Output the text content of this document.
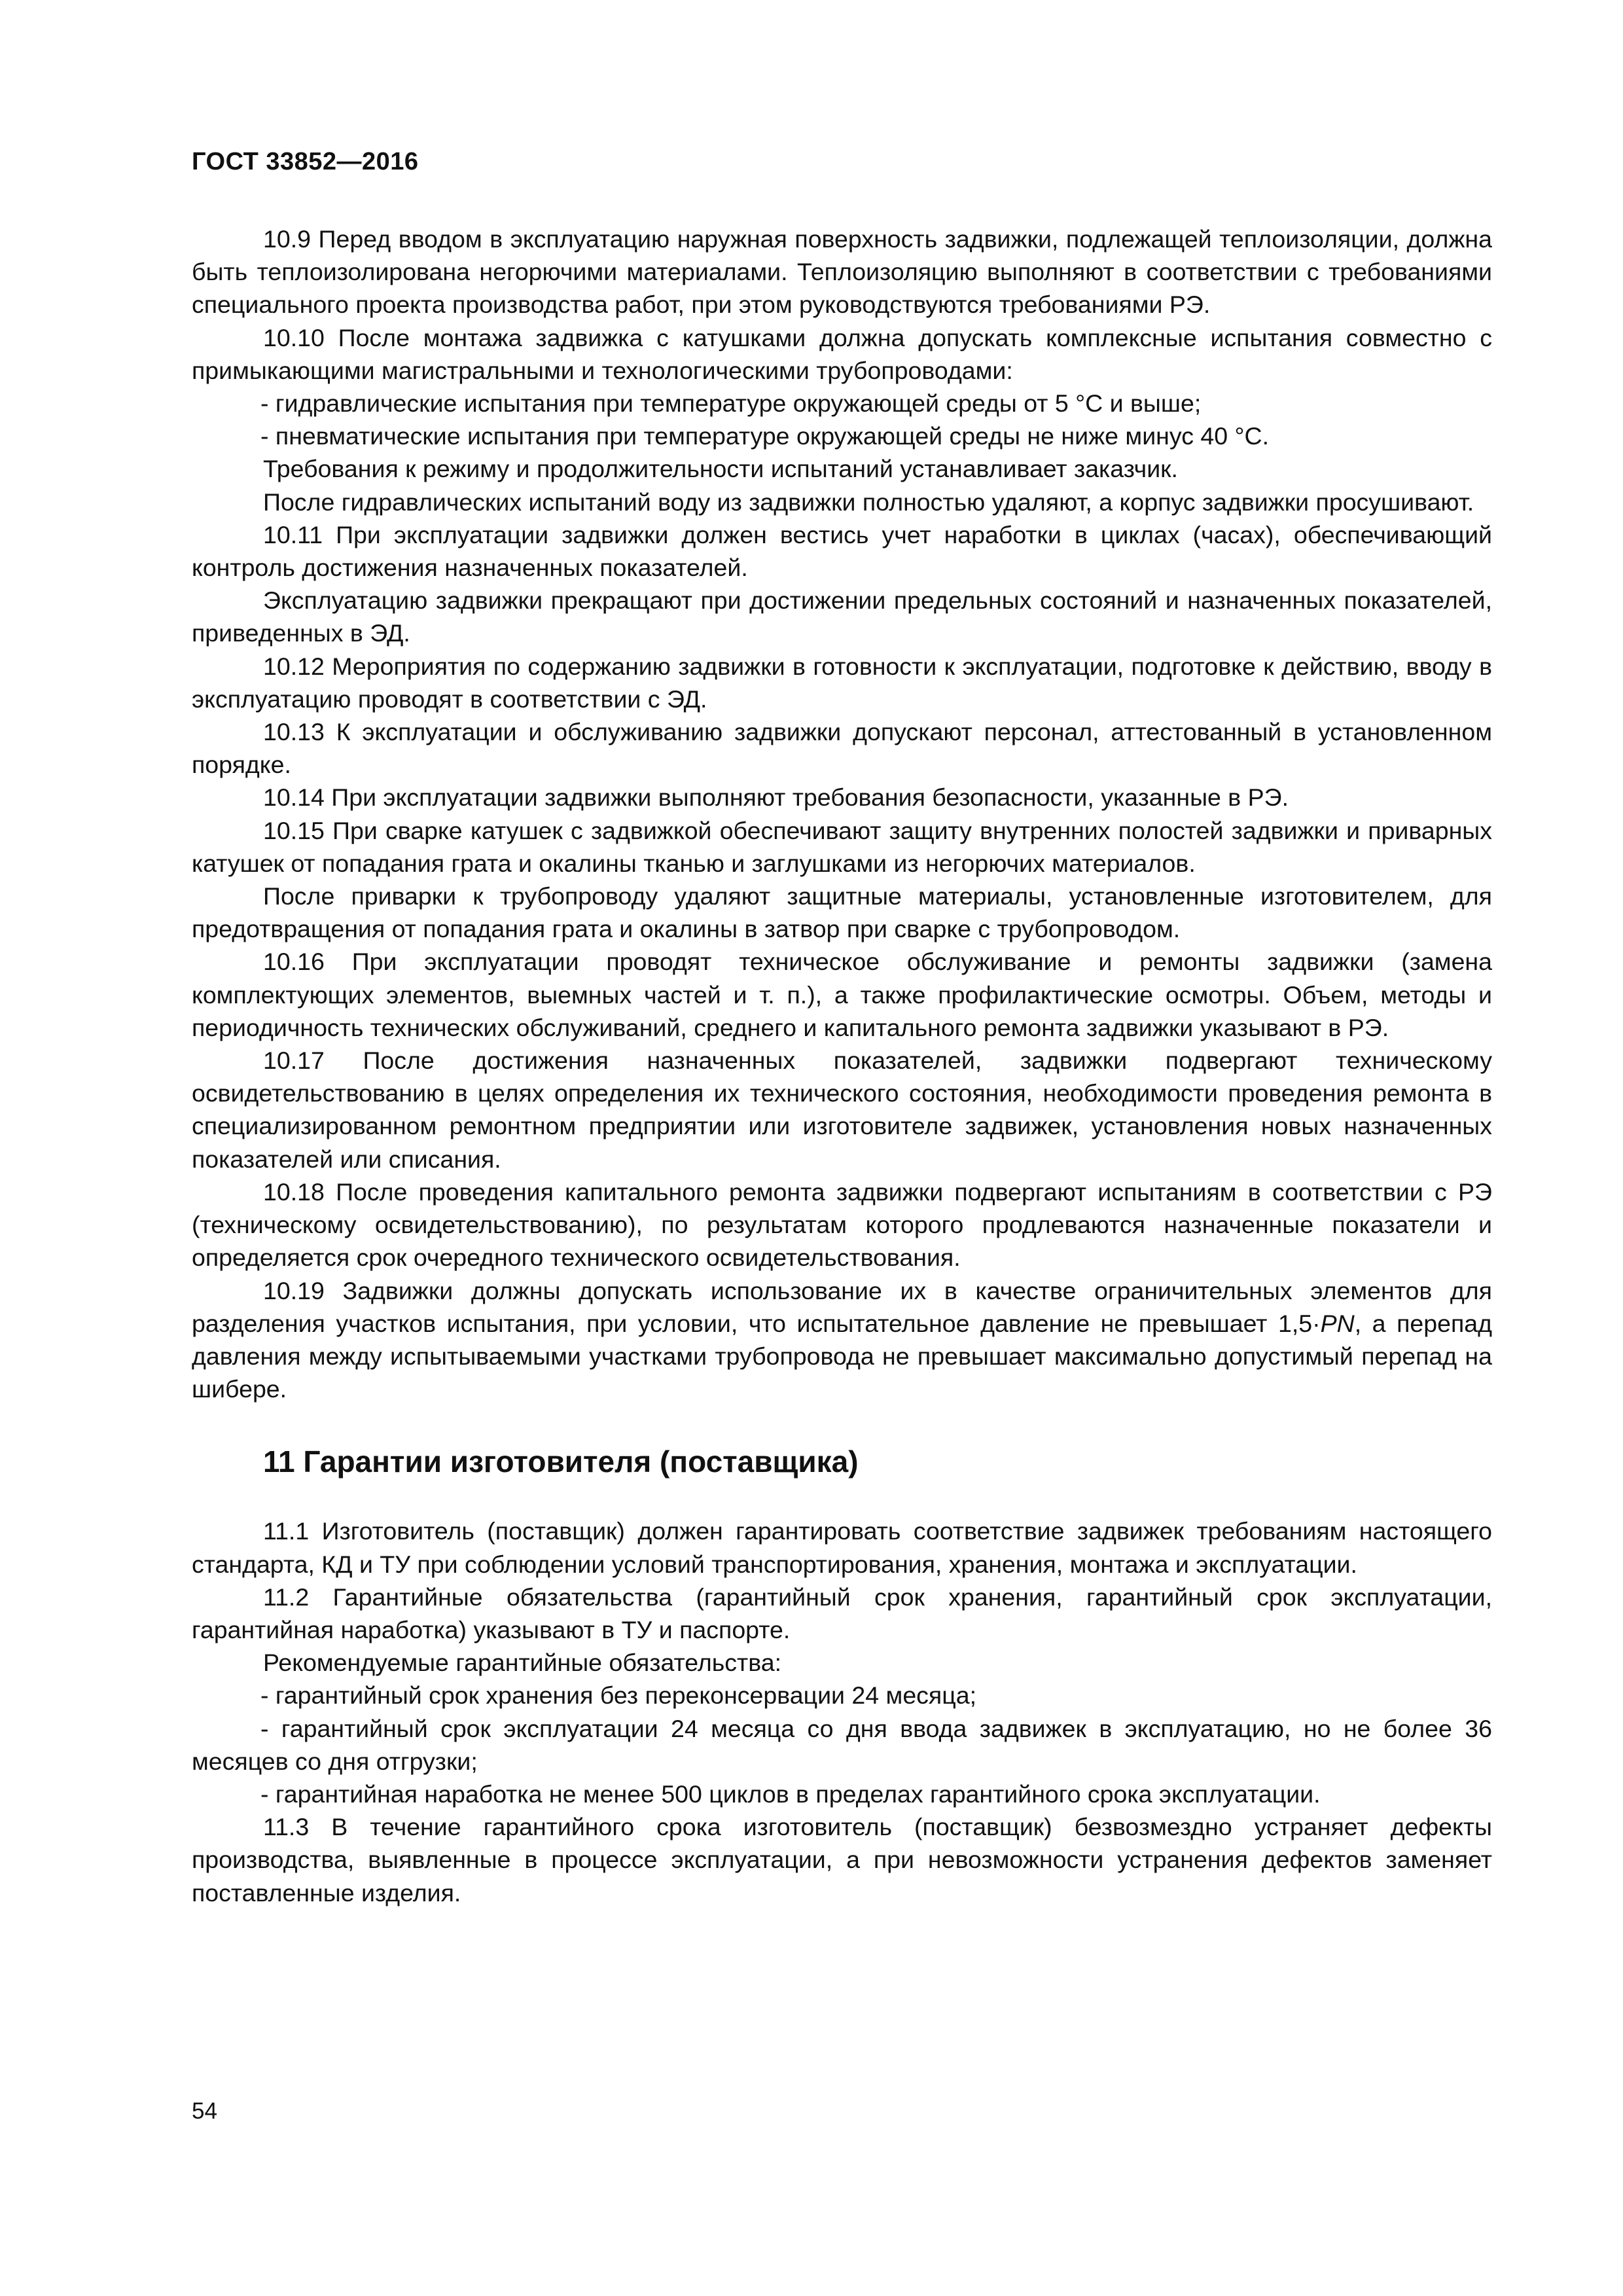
ГОСТ 33852—2016

10.9 Перед вводом в эксплуатацию наружная поверхность задвижки, подлежащей теплоизоляции, должна быть теплоизолирована негорючими материалами. Теплоизоляцию выполняют в соответствии с требованиями специального проекта производства работ, при этом руководствуются требованиями РЭ.

10.10 После монтажа задвижка с катушками должна допускать комплексные испытания совместно с примыкающими магистральными и технологическими трубопроводами:

- гидравлические испытания при температуре окружающей среды от 5 °С и выше;

- пневматические испытания при температуре окружающей среды не ниже минус 40 °С.

Требования к режиму и продолжительности испытаний устанавливает заказчик.

После гидравлических испытаний воду из задвижки полностью удаляют, а корпус задвижки просушивают.

10.11 При эксплуатации задвижки должен вестись учет наработки в циклах (часах), обеспечивающий контроль достижения назначенных показателей.

Эксплуатацию задвижки прекращают при достижении предельных состояний и назначенных показателей, приведенных в ЭД.

10.12 Мероприятия по содержанию задвижки в готовности к эксплуатации, подготовке к действию, вводу в эксплуатацию проводят в соответствии с ЭД.

10.13 К эксплуатации и обслуживанию задвижки допускают персонал, аттестованный в установленном порядке.

10.14 При эксплуатации задвижки выполняют требования безопасности, указанные в РЭ.

10.15 При сварке катушек с задвижкой обеспечивают защиту внутренних полостей задвижки и приварных катушек от попадания грата и окалины тканью и заглушками из негорючих материалов.

После приварки к трубопроводу удаляют защитные материалы, установленные изготовителем, для предотвращения от попадания грата и окалины в затвор при сварке с трубопроводом.

10.16 При эксплуатации проводят техническое обслуживание и ремонты задвижки (замена комплектующих элементов, выемных частей и т. п.), а также профилактические осмотры. Объем, методы и периодичность технических обслуживаний, среднего и капитального ремонта задвижки указывают в РЭ.

10.17 После достижения назначенных показателей, задвижки подвергают техническому освидетельствованию в целях определения их технического состояния, необходимости проведения ремонта в специализированном ремонтном предприятии или изготовителе задвижек, установления новых назначенных показателей или списания.

10.18 После проведения капитального ремонта задвижки подвергают испытаниям в соответствии с РЭ (техническому освидетельствованию), по результатам которого продлеваются назначенные показатели и определяется срок очередного технического освидетельствования.

10.19 Задвижки должны допускать использование их в качестве ограничительных элементов для разделения участков испытания, при условии, что испытательное давление не превышает 1,5·PN, а перепад давления между испытываемыми участками трубопровода не превышает максимально допустимый перепад на шибере.

11 Гарантии изготовителя (поставщика)

11.1 Изготовитель (поставщик) должен гарантировать соответствие задвижек требованиям настоящего стандарта, КД и ТУ при соблюдении условий транспортирования, хранения, монтажа и эксплуатации.

11.2 Гарантийные обязательства (гарантийный срок хранения, гарантийный срок эксплуатации, гарантийная наработка) указывают в ТУ и паспорте.

Рекомендуемые гарантийные обязательства:

- гарантийный срок хранения без переконсервации 24 месяца;

- гарантийный срок эксплуатации 24 месяца со дня ввода задвижек в эксплуатацию, но не более 36 месяцев со дня отгрузки;

- гарантийная наработка не менее 500 циклов в пределах гарантийного срока эксплуатации.

11.3 В течение гарантийного срока изготовитель (поставщик) безвозмездно устраняет дефекты производства, выявленные в процессе эксплуатации, а при невозможности устранения дефектов заменяет поставленные изделия.

54
